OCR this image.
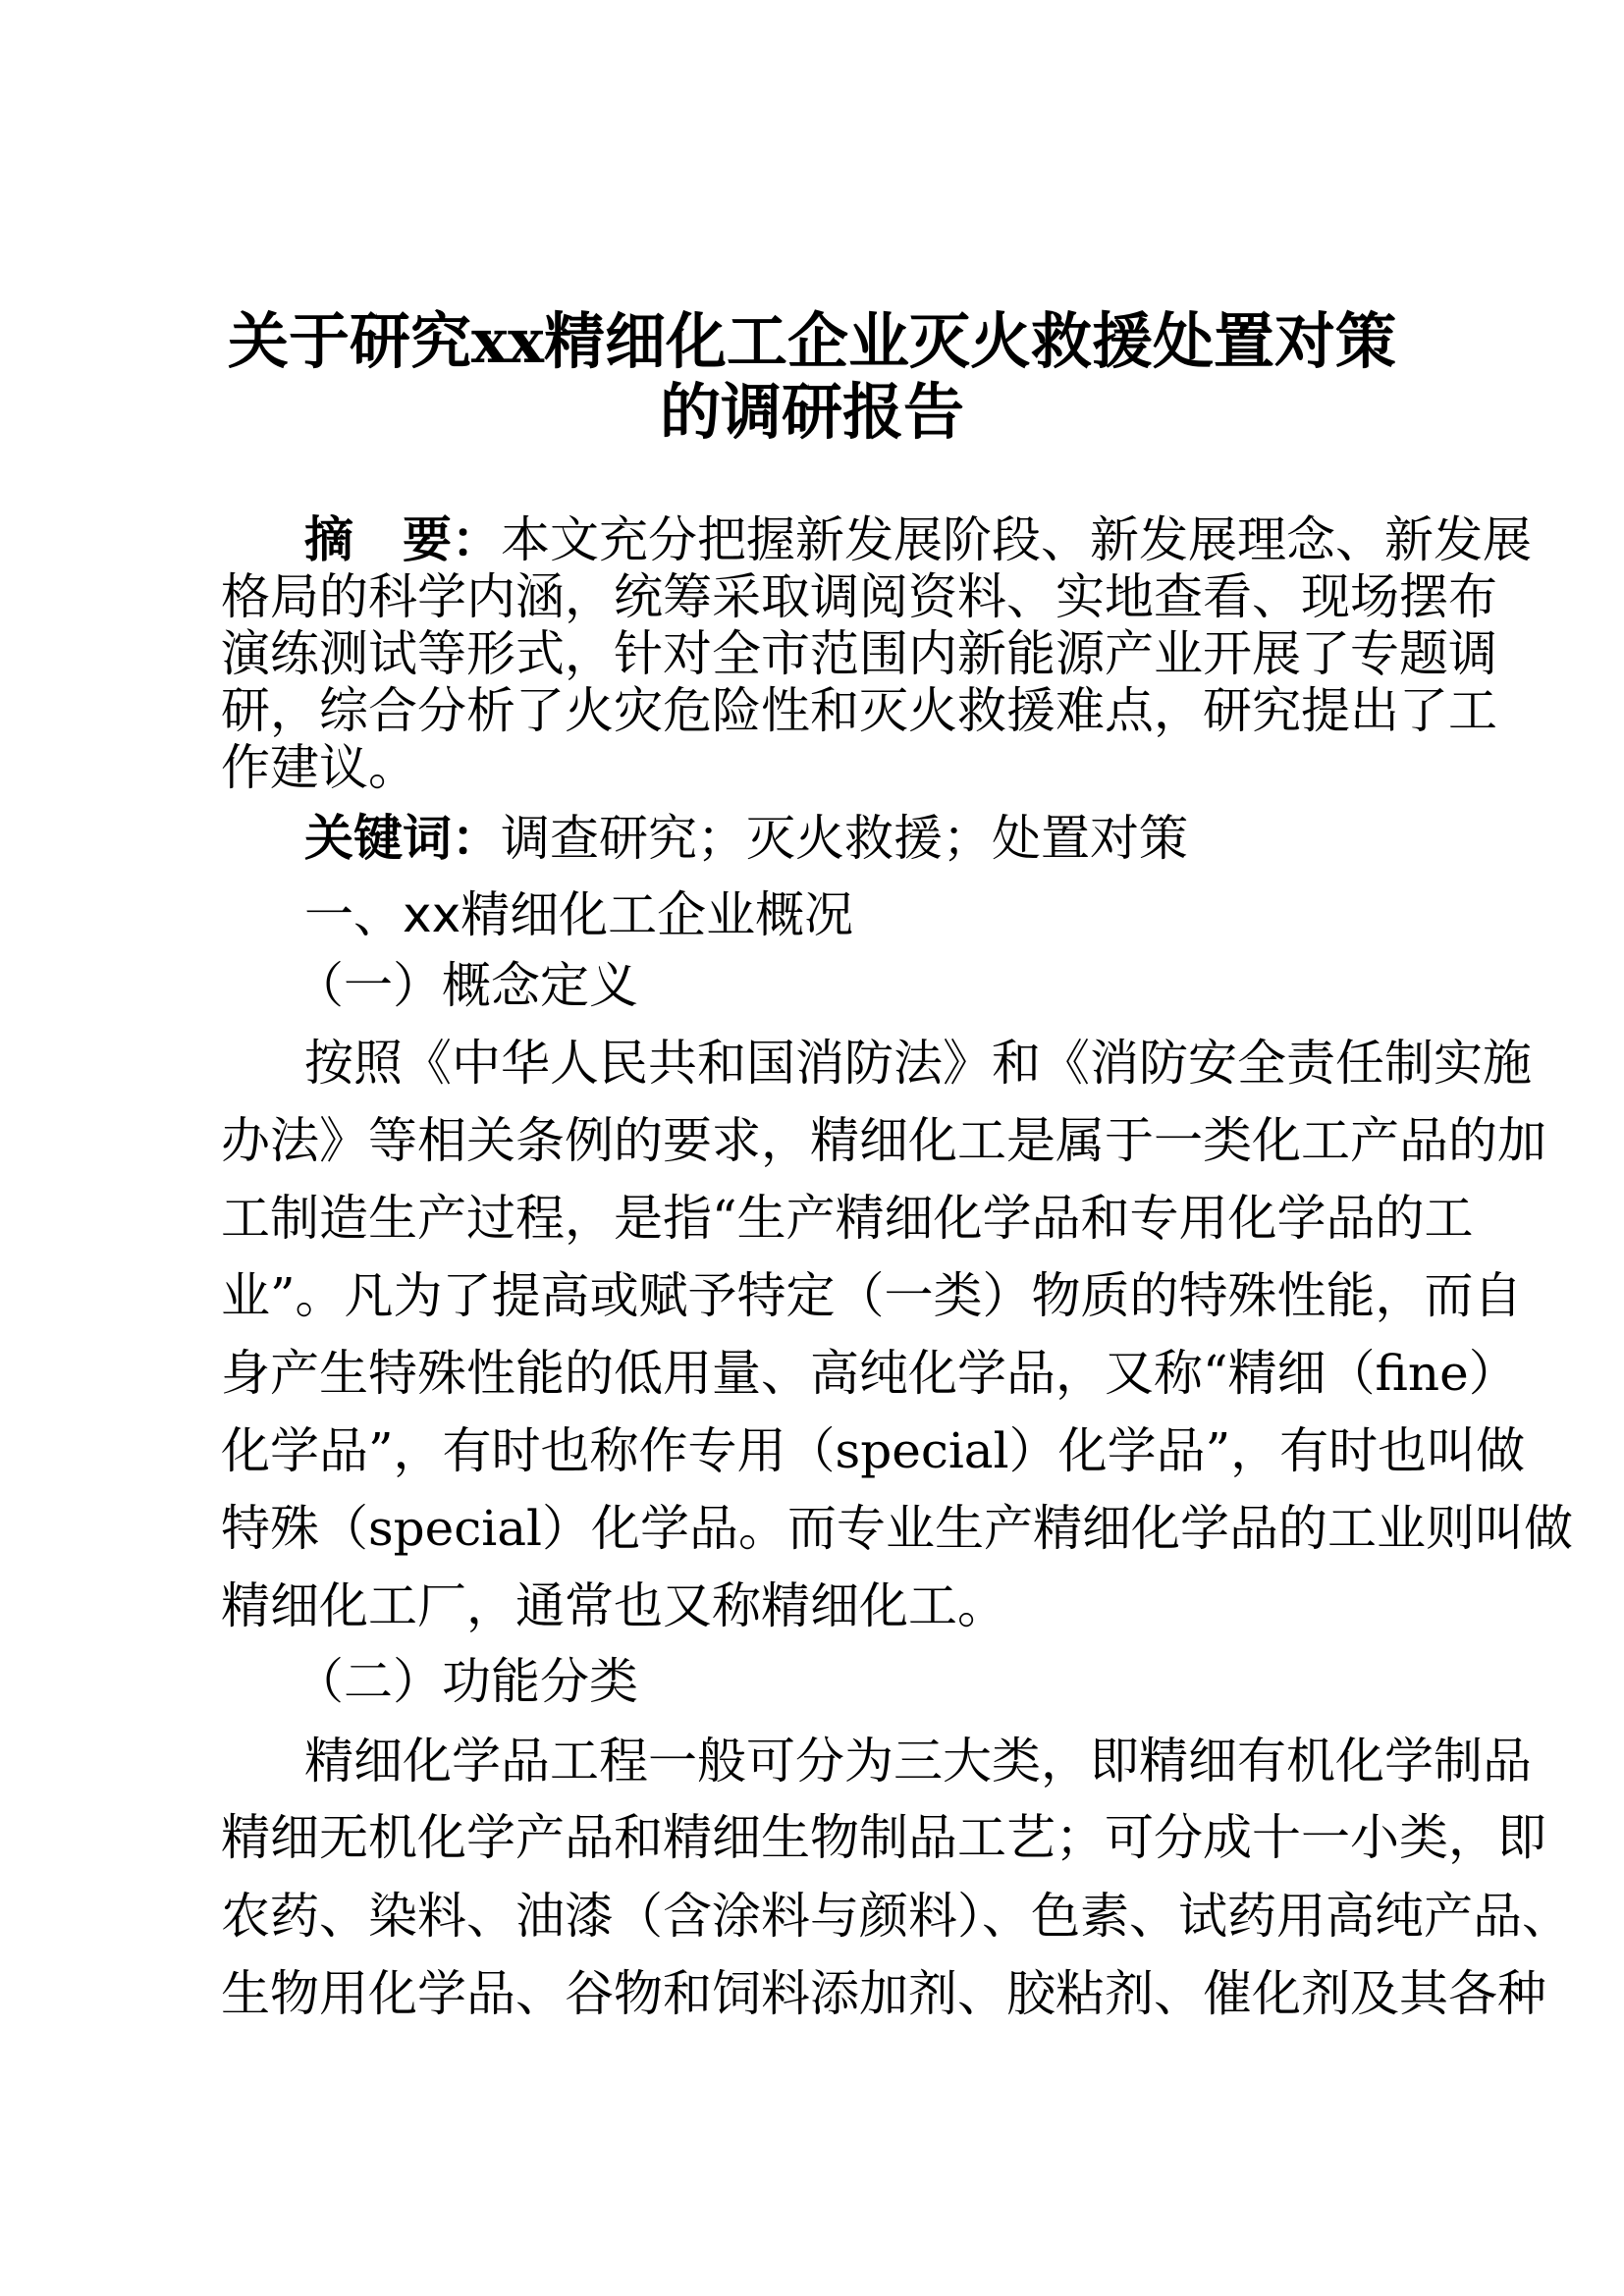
关于研究xx精细化工企业灭火救援处置对策
的调研报告
摘　要：本文充分把握新发展阶段、新发展理念、新发展
格局的科学内涵，统筹采取调阅资料、实地查看、现场摆布
演练测试等形式，针对全市范围内新能源产业开展了专题调
研，综合分析了火灾危险性和灭火救援难点，研究提出了工
作建议。
关键词：调查研究；灭火救援；处置对策
一、xx精细化工企业概况
（一）概念定义
按照《中华人民共和国消防法》和《消防安全责任制实施
办法》等相关条例的要求，精细化工是属于一类化工产品的加
工制造生产过程，是指“生产精细化学品和专用化学品的工
业”。凡为了提高或赋予特定（一类）物质的特殊性能，而自
身产生特殊性能的低用量、高纯化学品，又称“精细（fine）
化学品”，有时也称作专用（special）化学品”，有时也叫做
特殊（special）化学品。而专业生产精细化学品的工业则叫做
精细化工厂，通常也又称精细化工。
（二）功能分类
精细化学品工程一般可分为三大类，即精细有机化学制品
精细无机化学产品和精细生物制品工艺；可分成十一小类，即
农药、染料、油漆（含涂料与颜料）、色素、试药用高纯产品、
生物用化学品、谷物和饲料添加剂、胶粘剂、催化剂及其各种
